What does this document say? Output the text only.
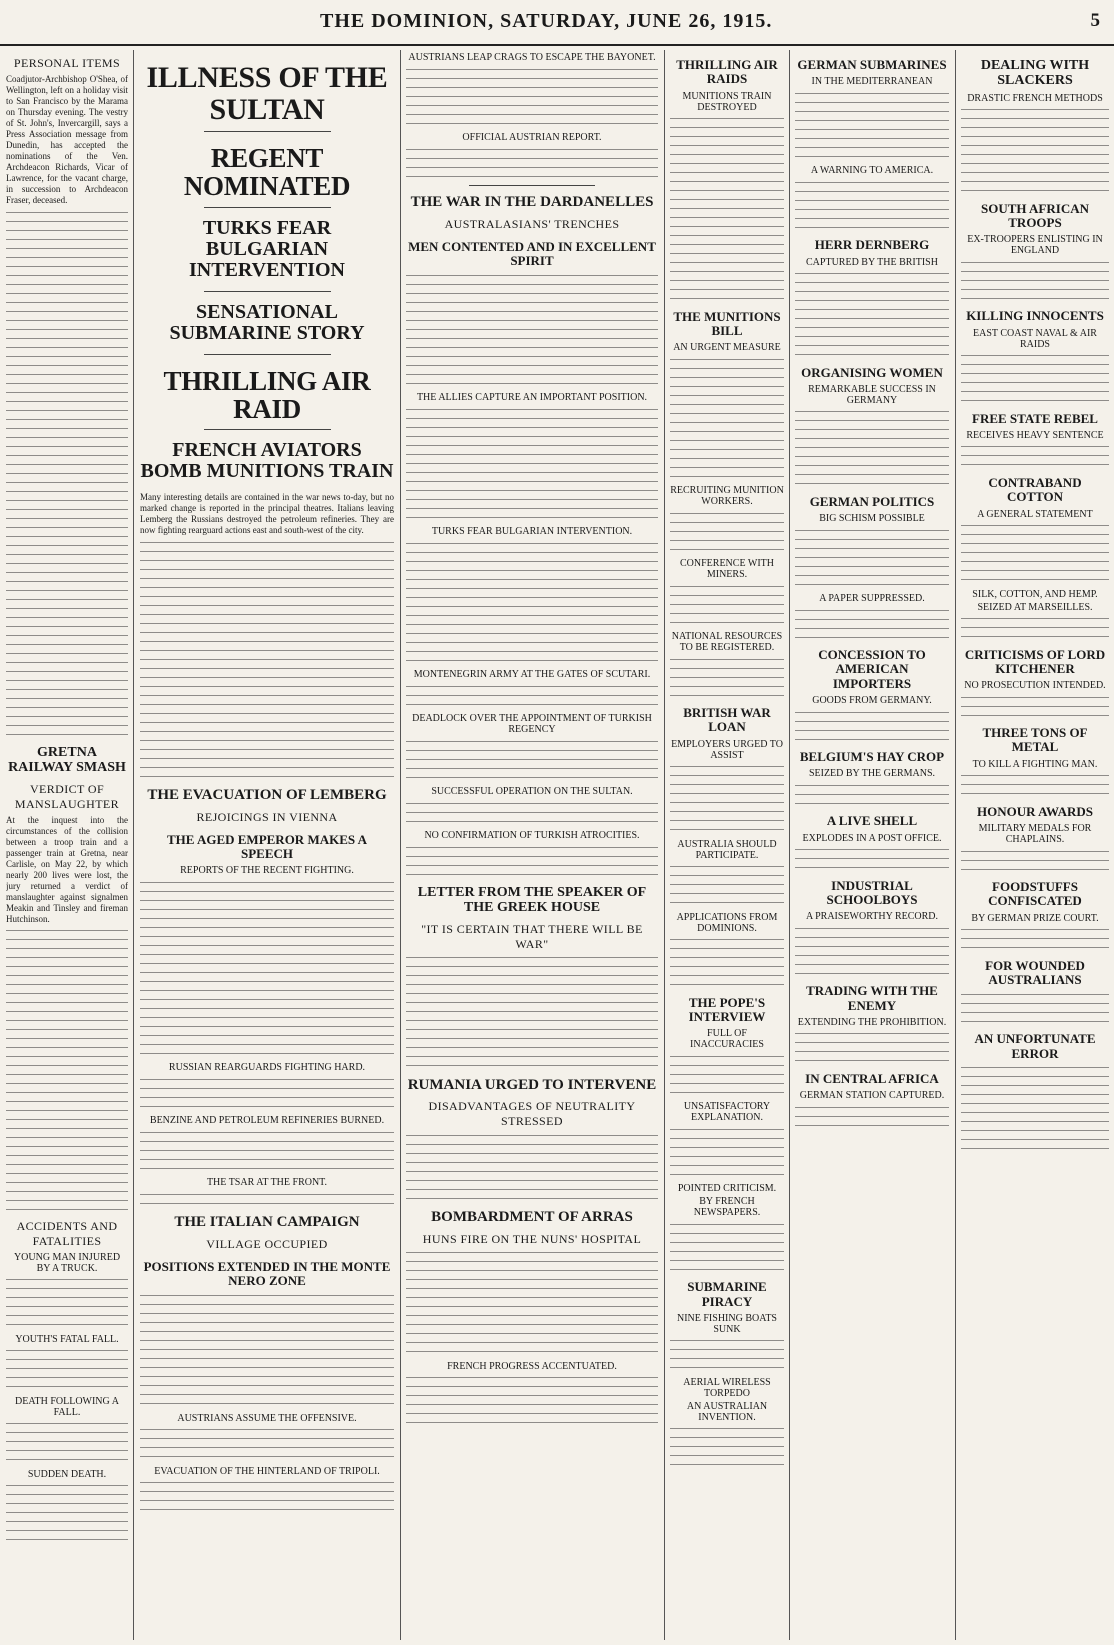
THE DOMINION, SATURDAY, JUNE 26, 1915.	5
PERSONAL ITEMS

Coadjutor-Archbishop O'Shea, of Wellington, left on a holiday visit to San Francisco by the Marama on Thursday evening. The vestry of St. John's, Invercargill, says a Press Association message from Dunedin, has accepted the nominations of the Ven. Archdeacon Richards, Vicar of Lawrence, for the vacant charge, in succession to Archdeacon Fraser, deceased.

GRETNA RAILWAY SMASH
VERDICT OF MANSLAUGHTER

At the inquest into the circumstances of the collision between a troop train and a passenger train at Gretna, near Carlisle, on May 22, by which nearly 200 lives were lost, the jury returned a verdict of manslaughter against signalmen Meakin and Tinsley and fireman Hutchinson.

ACCIDENTS AND FATALITIES
YOUNG MAN INJURED BY A TRUCK.
YOUTH'S FATAL FALL.
DEATH FOLLOWING A FALL.
SUDDEN DEATH.
ILLNESS OF THE SULTAN
REGENT NOMINATED
TURKS FEAR BULGARIAN INTERVENTION
SENSATIONAL SUBMARINE STORY
THRILLING AIR RAID
FRENCH AVIATORS BOMB MUNITIONS TRAIN

Many interesting details are contained in the war news to-day, but no marked change is reported in the principal theatres. Italians leaving Lemberg the Russians destroyed the petroleum refineries. They are now fighting rearguard actions east and south-west of the city.

THE EVACUATION OF LEMBERG
REJOICINGS IN VIENNA
THE AGED EMPEROR MAKES A SPEECH
REPORTS OF THE RECENT FIGHTING.
RUSSIAN REARGUARDS FIGHTING HARD.
BENZINE AND PETROLEUM REFINERIES BURNED.
THE TSAR AT THE FRONT.
THE ITALIAN CAMPAIGN
VILLAGE OCCUPIED
POSITIONS EXTENDED IN THE MONTE NERO ZONE
AUSTRIANS ASSUME THE OFFENSIVE.
EVACUATION OF THE HINTERLAND OF TRIPOLI.
AUSTRIANS LEAP CRAGS TO ESCAPE THE BAYONET.
OFFICIAL AUSTRIAN REPORT.
THE WAR IN THE DARDANELLES
AUSTRALASIANS' TRENCHES
MEN CONTENTED AND IN EXCELLENT SPIRIT
THE ALLIES CAPTURE AN IMPORTANT POSITION.
TURKS FEAR BULGARIAN INTERVENTION.
MONTENEGRIN ARMY AT THE GATES OF SCUTARI.
DEADLOCK OVER THE APPOINTMENT OF TURKISH REGENCY
SUCCESSFUL OPERATION ON THE SULTAN.
NO CONFIRMATION OF TURKISH ATROCITIES.
LETTER FROM THE SPEAKER OF THE GREEK HOUSE
"IT IS CERTAIN THAT THERE WILL BE WAR"
RUMANIA URGED TO INTERVENE
DISADVANTAGES OF NEUTRALITY STRESSED
BOMBARDMENT OF ARRAS
HUNS FIRE ON THE NUNS' HOSPITAL
FRENCH PROGRESS ACCENTUATED.
THRILLING AIR RAIDS
MUNITIONS TRAIN DESTROYED
THE MUNITIONS BILL
AN URGENT MEASURE
RECRUITING MUNITION WORKERS.
CONFERENCE WITH MINERS.
NATIONAL RESOURCES TO BE REGISTERED.
BRITISH WAR LOAN
EMPLOYERS URGED TO ASSIST
AUSTRALIA SHOULD PARTICIPATE.
APPLICATIONS FROM DOMINIONS.
THE POPE'S INTERVIEW
FULL OF INACCURACIES
UNSATISFACTORY EXPLANATION.
POINTED CRITICISM.
BY FRENCH NEWSPAPERS.
SUBMARINE PIRACY
NINE FISHING BOATS SUNK
AERIAL WIRELESS TORPEDO
AN AUSTRALIAN INVENTION.
GERMAN SUBMARINES
IN THE MEDITERRANEAN
A WARNING TO AMERICA.
HERR DERNBERG
CAPTURED BY THE BRITISH
ORGANISING WOMEN
REMARKABLE SUCCESS IN GERMANY
GERMAN POLITICS
BIG SCHISM POSSIBLE
A PAPER SUPPRESSED.
CONCESSION TO AMERICAN IMPORTERS
GOODS FROM GERMANY.
BELGIUM'S HAY CROP
SEIZED BY THE GERMANS.
A LIVE SHELL
EXPLODES IN A POST OFFICE.
INDUSTRIAL SCHOOLBOYS
A PRAISEWORTHY RECORD.
TRADING WITH THE ENEMY
EXTENDING THE PROHIBITION.
IN CENTRAL AFRICA
GERMAN STATION CAPTURED.
DEALING WITH SLACKERS
DRASTIC FRENCH METHODS
SOUTH AFRICAN TROOPS
EX-TROOPERS ENLISTING IN ENGLAND
KILLING INNOCENTS
EAST COAST NAVAL & AIR RAIDS
FREE STATE REBEL
RECEIVES HEAVY SENTENCE
CONTRABAND COTTON
A GENERAL STATEMENT
SILK, COTTON, AND HEMP.
SEIZED AT MARSEILLES.
CRITICISMS OF LORD KITCHENER
NO PROSECUTION INTENDED.
THREE TONS OF METAL
TO KILL A FIGHTING MAN.
HONOUR AWARDS
MILITARY MEDALS FOR CHAPLAINS.
FOODSTUFFS CONFISCATED
BY GERMAN PRIZE COURT.
FOR WOUNDED AUSTRALIANS
AN UNFORTUNATE ERROR
